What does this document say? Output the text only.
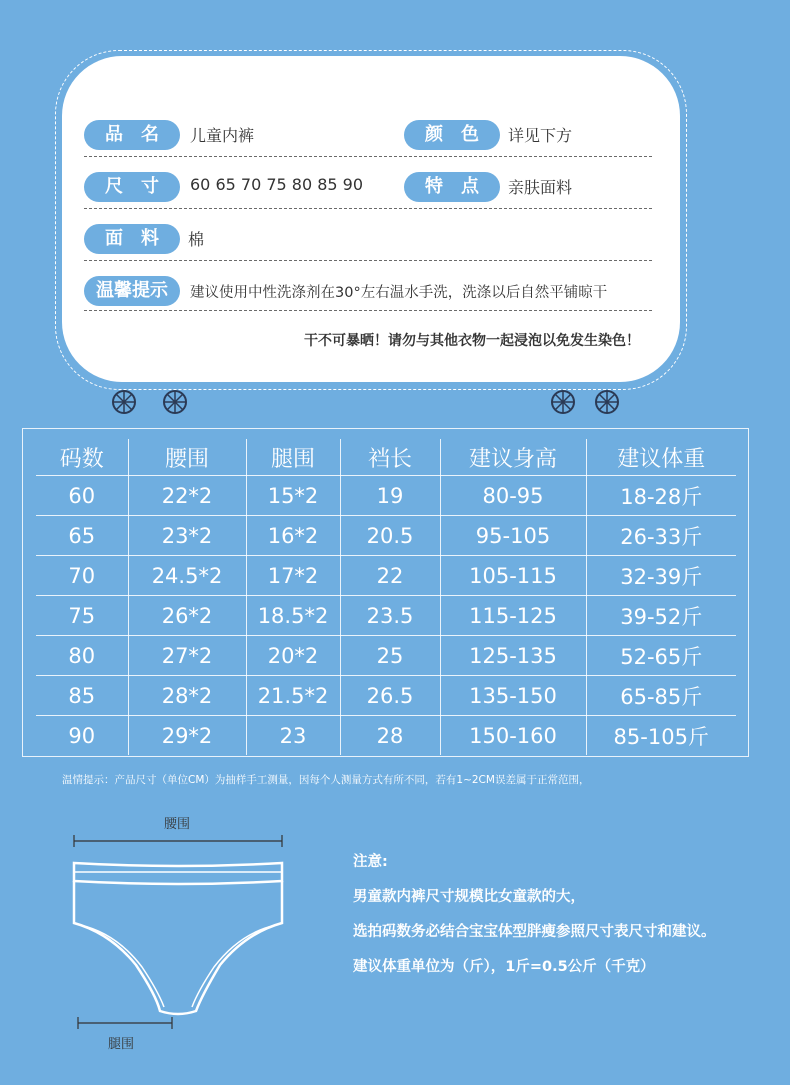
品　名	儿童内裤	颜　色	详见下方
尺　寸	60 65 70 75 80 85 90	特　点	亲肤面料
面　料	棉
温馨提示	建议使用中性洗涤剂在30°左右温水手洗，洗涤以后自然平铺晾干
干不可暴晒！请勿与其他衣物一起浸泡以免发生染色！
码数	腰围	腿围	裆长	建议身高	建议体重
60	22*2	15*2	19	80-95	18-28斤
65	23*2	16*2	20.5	95-105	26-33斤
70	24.5*2	17*2	22	105-115	32-39斤
75	26*2	18.5*2	23.5	115-125	39-52斤
80	27*2	20*2	25	125-135	52-65斤
85	28*2	21.5*2	26.5	135-150	65-85斤
90	29*2	23	28	150-160	85-105斤
温情提示：产品尺寸（单位CM）为抽样手工测量，因每个人测量方式有所不同，若有1~2CM误差属于正常范围，
腰围
腿围
注意:
男童款内裤尺寸规模比女童款的大，
选拍码数务必结合宝宝体型胖瘦参照尺寸表尺寸和建议。
建议体重单位为（斤），1斤=0.5公斤（千克）
